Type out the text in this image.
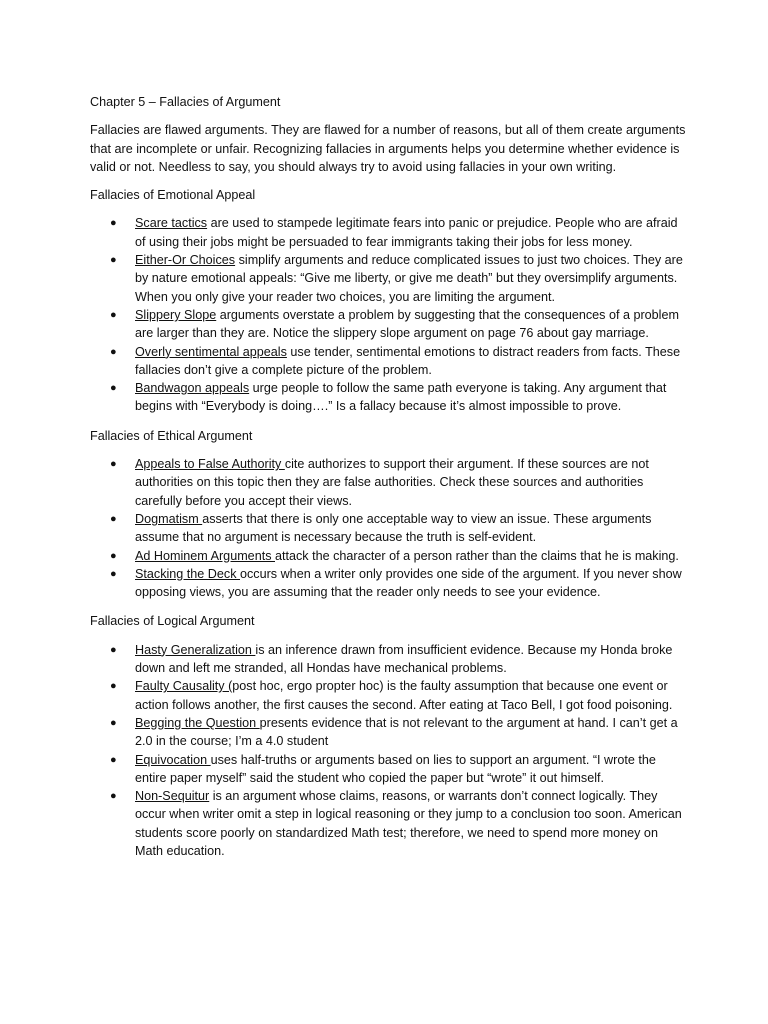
Chapter 5 – Fallacies of Argument

Fallacies are flawed arguments. They are flawed for a number of reasons, but all of them create arguments that are incomplete or unfair. Recognizing fallacies in arguments helps you determine whether evidence is valid or not. Needless to say, you should always try to avoid using fallacies in your own writing.

Fallacies of Emotional Appeal

●	Scare tactics are used to stampede legitimate fears into panic or prejudice. People who are afraid of using their jobs might be persuaded to fear immigrants taking their jobs for less money.
●	Either-Or Choices simplify arguments and reduce complicated issues to just two choices. They are by nature emotional appeals: “Give me liberty, or give me death” but they oversimplify arguments. When you only give your reader two choices, you are limiting the argument.
●	Slippery Slope arguments overstate a problem by suggesting that the consequences of a problem are larger than they are. Notice the slippery slope argument on page 76 about gay marriage.
●	Overly sentimental appeals use tender, sentimental emotions to distract readers from facts. These fallacies don’t give a complete picture of the problem.
●	Bandwagon appeals urge people to follow the same path everyone is taking. Any argument that begins with “Everybody is doing….” Is a fallacy because it’s almost impossible to prove.

Fallacies of Ethical Argument

●	Appeals to False Authority cite authorizes to support their argument. If these sources are not authorities on this topic then they are false authorities. Check these sources and authorities carefully before you accept their views.
●	Dogmatism asserts that there is only one acceptable way to view an issue. These arguments assume that no argument is necessary because the truth is self-evident.
●	Ad Hominem Arguments attack the character of a person rather than the claims that he is making.
●	Stacking the Deck occurs when a writer only provides one side of the argument. If you never show opposing views, you are assuming that the reader only needs to see your evidence.

Fallacies of Logical Argument

●	Hasty Generalization is an inference drawn from insufficient evidence. Because my Honda broke down and left me stranded, all Hondas have mechanical problems.
●	Faulty Causality (post hoc, ergo propter hoc) is the faulty assumption that because one event or action follows another, the first causes the second. After eating at Taco Bell, I got food poisoning.
●	Begging the Question presents evidence that is not relevant to the argument at hand. I can’t get a 2.0 in the course; I’m a 4.0 student
●	Equivocation uses half-truths or arguments based on lies to support an argument. “I wrote the entire paper myself” said the student who copied the paper but “wrote” it out himself.
●	Non-Sequitur is an argument whose claims, reasons, or warrants don’t connect logically. They occur when writer omit a step in logical reasoning or they jump to a conclusion too soon. American students score poorly on standardized Math test; therefore, we need to spend more money on Math education.
